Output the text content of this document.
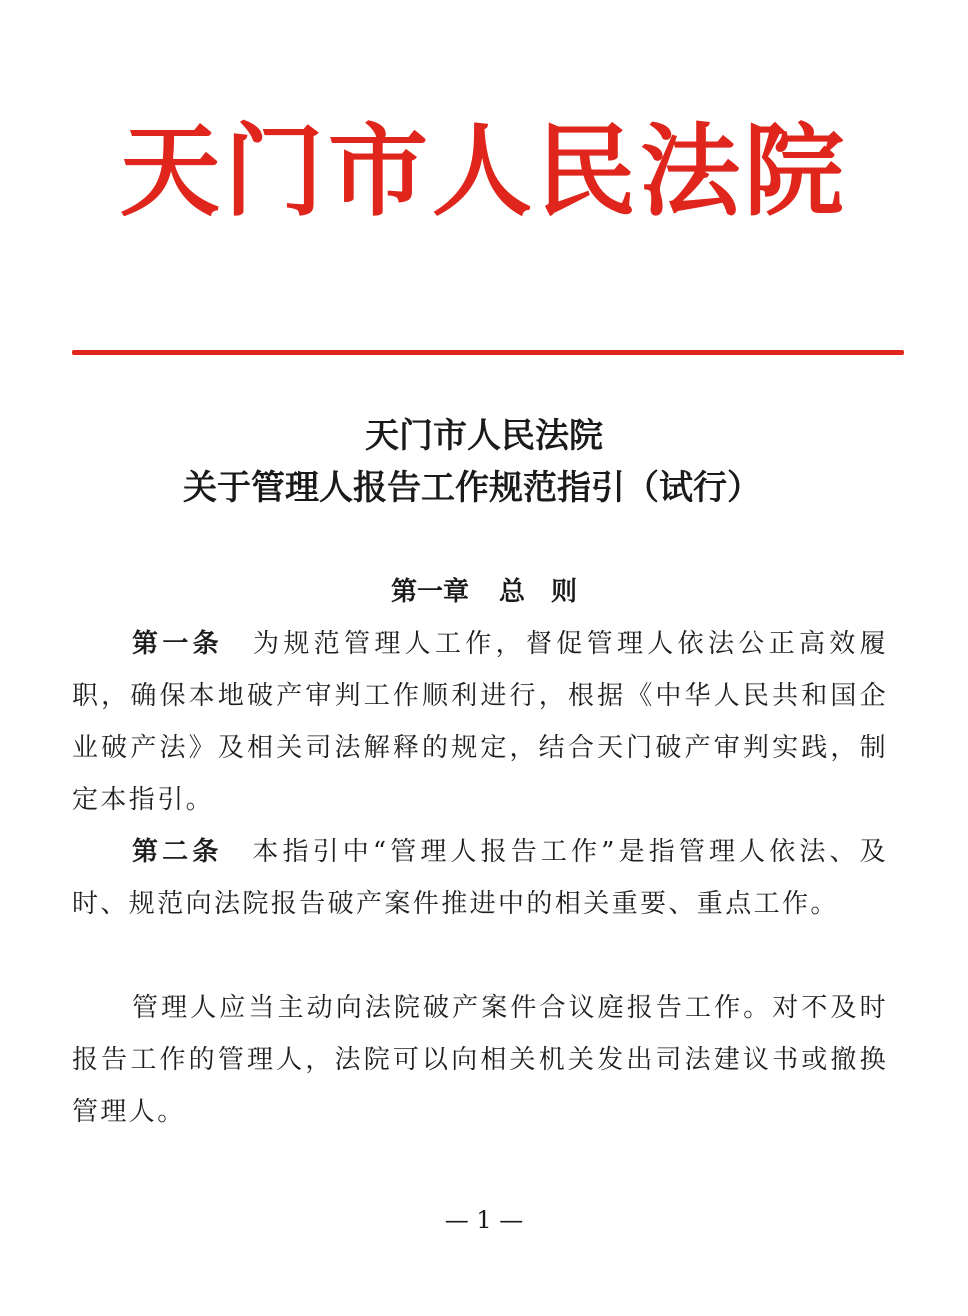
天门市人民法院
天门市人民法院
关于管理人报告工作规范指引（试行）
第一章 总　则
第一条 为规范管理人工作，督促管理人依法公正高效履职，确保本地破产审判工作顺利进行，根据《中华人民共和国企业破产法》及相关司法解释的规定，结合天门破产审判实践，制定本指引。
第二条 本指引中“管理人报告工作”是指管理人依法、及时、规范向法院报告破产案件推进中的相关重要、重点工作。
管理人应当主动向法院破产案件合议庭报告工作。对不及时报告工作的管理人，法院可以向相关机关发出司法建议书或撤换管理人。
— 1 —
